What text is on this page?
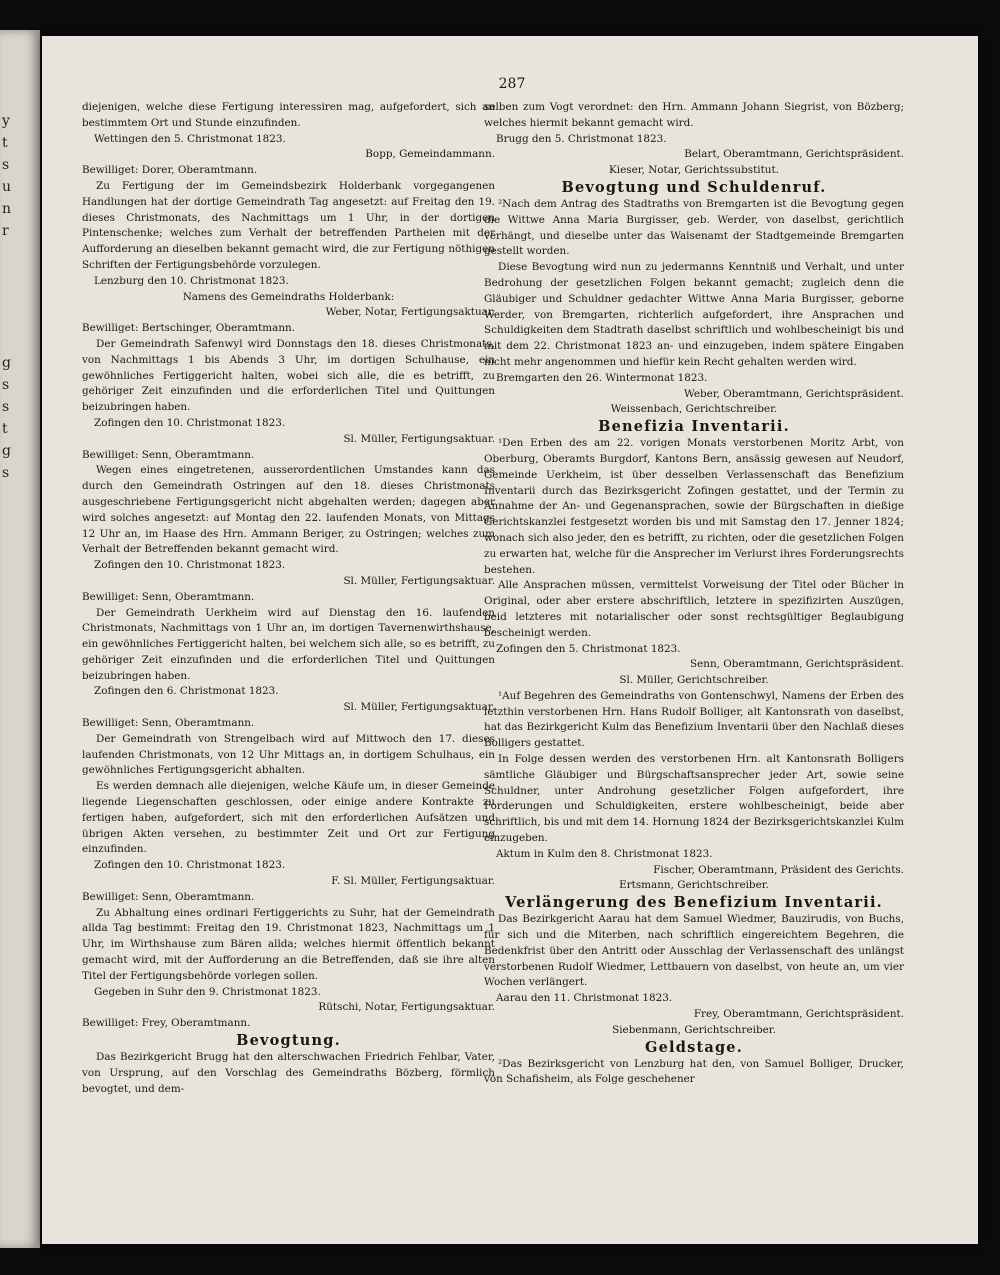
y
t
s
u
n
r
g
s
s
t
g
s
287

diejenigen, welche diese Fertigung interessiren mag, aufgefordert, sich an bestimmtem Ort und Stunde einzufinden.

Wettingen den 5. Christmonat 1823.

Bopp, Gemeindammann.

Bewilliget: Dorer, Oberamtmann.

Zu Fertigung der im Gemeindsbezirk Holderbank vorgegangenen Handlungen hat der dortige Gemeindrath Tag angesetzt: auf Freitag den 19. dieses Christmonats, des Nachmittags um 1 Uhr, in der dortigen Pintenschenke; welches zum Verhalt der betreffenden Partheien mit der Aufforderung an dieselben bekannt gemacht wird, die zur Fertigung nöthigen Schriften der Fertigungsbehörde vorzulegen.

Lenzburg den 10. Christmonat 1823.

Namens des Gemeindraths Holderbank:

Weber, Notar, Fertigungsaktuar.

Bewilliget: Bertschinger, Oberamtmann.

Der Gemeindrath Safenwyl wird Donnstags den 18. dieses Christmonats, von Nachmittags 1 bis Abends 3 Uhr, im dortigen Schulhause, ein gewöhnliches Fertiggericht halten, wobei sich alle, die es betrifft, zu gehöriger Zeit einzufinden und die erforderlichen Titel und Quittungen beizubringen haben.

Zofingen den 10. Christmonat 1823.

Sl. Müller, Fertigungsaktuar.

Bewilliget: Senn, Oberamtmann.

Wegen eines eingetretenen, ausserordentlichen Umstandes kann das durch den Gemeindrath Ostringen auf den 18. dieses Christmonats ausgeschriebene Fertigungsgericht nicht abgehalten werden; dagegen aber wird solches angesetzt: auf Montag den 22. laufenden Monats, von Mittags 12 Uhr an, im Haase des Hrn. Ammann Beriger, zu Ostringen; welches zum Verhalt der Betreffenden bekannt gemacht wird.

Zofingen den 10. Christmonat 1823.

Sl. Müller, Fertigungsaktuar.

Bewilliget: Senn, Oberamtmann.

Der Gemeindrath Uerkheim wird auf Dienstag den 16. laufenden Christmonats, Nachmittags von 1 Uhr an, im dortigen Tavernenwirthshause, ein gewöhnliches Fertiggericht halten, bei welchem sich alle, so es betrifft, zu gehöriger Zeit einzufinden und die erforderlichen Titel und Quittungen beizubringen haben.

Zofingen den 6. Christmonat 1823.

Sl. Müller, Fertigungsaktuar.

Bewilliget: Senn, Oberamtmann.

Der Gemeindrath von Strengelbach wird auf Mittwoch den 17. dieses laufenden Christmonats, von 12 Uhr Mittags an, in dortigem Schulhaus, ein gewöhnliches Fertigungsgericht abhalten.

Es werden demnach alle diejenigen, welche Käufe um, in dieser Gemeinde liegende Liegenschaften geschlossen, oder einige andere Kontrakte zu fertigen haben, aufgefordert, sich mit den erforderlichen Aufsätzen und übrigen Akten versehen, zu bestimmter Zeit und Ort zur Fertigung einzufinden.

Zofingen den 10. Christmonat 1823.

F. Sl. Müller, Fertigungsaktuar.

Bewilliget: Senn, Oberamtmann.

Zu Abhaltung eines ordinari Fertiggerichts zu Suhr, hat der Gemeindrath allda Tag bestimmt: Freitag den 19. Christmonat 1823, Nachmittags um 1 Uhr, im Wirthshause zum Bären allda; welches hiermit öffentlich bekannt gemacht wird, mit der Aufforderung an die Betreffenden, daß sie ihre alten Titel der Fertigungsbehörde vorlegen sollen.

Gegeben in Suhr den 9. Christmonat 1823.

Rütschi, Notar, Fertigungsaktuar.

Bewilliget: Frey, Oberamtmann.

Bevogtung.

Das Bezirkgericht Brugg hat den alterschwachen Friedrich Fehlbar, Vater, von Ursprung, auf den Vorschlag des Gemeindraths Bözberg, förmlich bevogtet, und dem-

selben zum Vogt verordnet: den Hrn. Ammann Johann Siegrist, von Bözberg; welches hiermit bekannt gemacht wird.

Brugg den 5. Christmonat 1823.

Belart, Oberamtmann, Gerichtspräsident.

Kieser, Notar, Gerichtssubstitut.

Bevogtung und Schuldenruf.

²Nach dem Antrag des Stadtraths von Bremgarten ist die Bevogtung gegen die Wittwe Anna Maria Burgisser, geb. Werder, von daselbst, gerichtlich verhängt, und dieselbe unter das Waisenamt der Stadtgemeinde Bremgarten gestellt worden.

Diese Bevogtung wird nun zu jedermanns Kenntniß und Verhalt, und unter Bedrohung der gesetzlichen Folgen bekannt gemacht; zugleich denn die Gläubiger und Schuldner gedachter Wittwe Anna Maria Burgisser, geborne Werder, von Bremgarten, richterlich aufgefordert, ihre Ansprachen und Schuldigkeiten dem Stadtrath daselbst schriftlich und wohlbescheinigt bis und mit dem 22. Christmonat 1823 an- und einzugeben, indem spätere Eingaben nicht mehr angenommen und hiefür kein Recht gehalten werden wird.

Bremgarten den 26. Wintermonat 1823.

Weber, Oberamtmann, Gerichtspräsident.

Weissenbach, Gerichtschreiber.

Benefizia Inventarii.

¹Den Erben des am 22. vorigen Monats verstorbenen Moritz Arbt, von Oberburg, Oberamts Burgdorf, Kantons Bern, ansässig gewesen auf Neudorf, Gemeinde Uerkheim, ist über desselben Verlassenschaft das Benefizium Inventarii durch das Bezirksgericht Zofingen gestattet, und der Termin zu Annahme der An- und Gegenansprachen, sowie der Bürgschaften in dießige Gerichtskanzlei festgesetzt worden bis und mit Samstag den 17. Jenner 1824; wonach sich also jeder, den es betrifft, zu richten, oder die gesetzlichen Folgen zu erwarten hat, welche für die Ansprecher im Verlurst ihres Forderungsrechts bestehen.

Alle Ansprachen müssen, vermittelst Vorweisung der Titel oder Bücher in Original, oder aber erstere abschriftlich, letztere in spezifizirten Auszügen, beid letzteres mit notarialischer oder sonst rechtsgültiger Beglaubigung bescheinigt werden.

Zofingen den 5. Christmonat 1823.

Senn, Oberamtmann, Gerichtspräsident.

Sl. Müller, Gerichtschreiber.

¹Auf Begehren des Gemeindraths von Gontenschwyl, Namens der Erben des letzthin verstorbenen Hrn. Hans Rudolf Bolliger, alt Kantonsrath von daselbst, hat das Bezirkgericht Kulm das Benefizium Inventarii über den Nachlaß dieses Bolligers gestattet.

In Folge dessen werden des verstorbenen Hrn. alt Kantonsrath Bolligers sämtliche Gläubiger und Bürgschaftsansprecher jeder Art, sowie seine Schuldner, unter Androhung gesetzlicher Folgen aufgefordert, ihre Forderungen und Schuldigkeiten, erstere wohlbescheinigt, beide aber schriftlich, bis und mit dem 14. Hornung 1824 der Bezirksgerichtskanzlei Kulm einzugeben.

Aktum in Kulm den 8. Christmonat 1823.

Fischer, Oberamtmann, Präsident des Gerichts.

Ertsmann, Gerichtschreiber.

Verlängerung des Benefizium Inventarii.

Das Bezirkgericht Aarau hat dem Samuel Wiedmer, Bauzirudis, von Buchs, für sich und die Miterben, nach schriftlich eingereichtem Begehren, die Bedenkfrist über den Antritt oder Ausschlag der Verlassenschaft des unlängst verstorbenen Rudolf Wiedmer, Lettbauern von daselbst, von heute an, um vier Wochen verlängert.

Aarau den 11. Christmonat 1823.

Frey, Oberamtmann, Gerichtspräsident.

Siebenmann, Gerichtschreiber.

Geldstage.

²Das Bezirksgericht von Lenzburg hat den, von Samuel Bolliger, Drucker, von Schafisheim, als Folge geschehener
